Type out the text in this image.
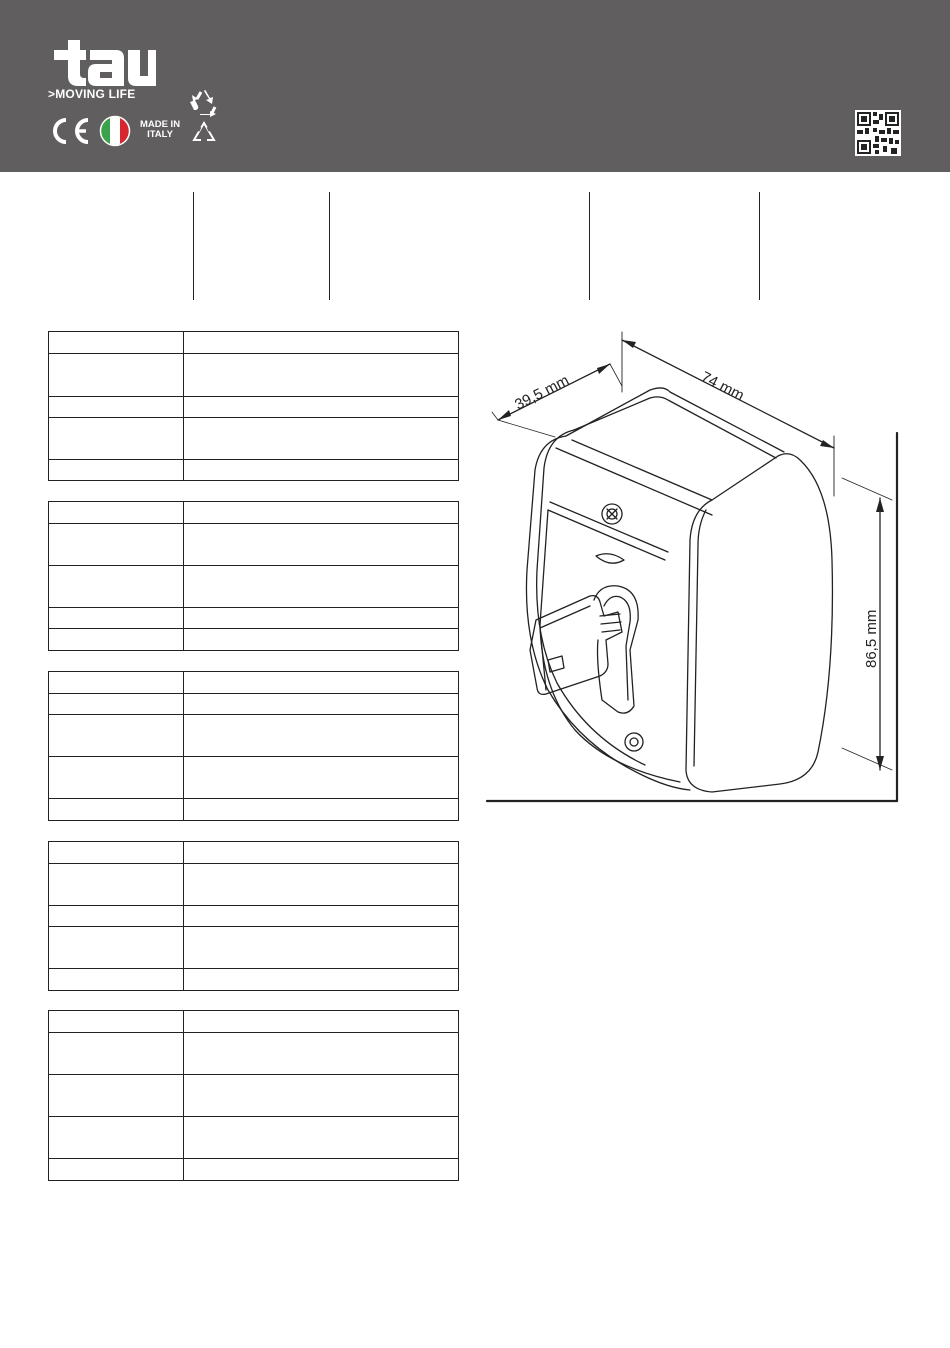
>MOVING LIFE
MADE IN
ITALY

39,5 mm	74 mm
86,5 mm
